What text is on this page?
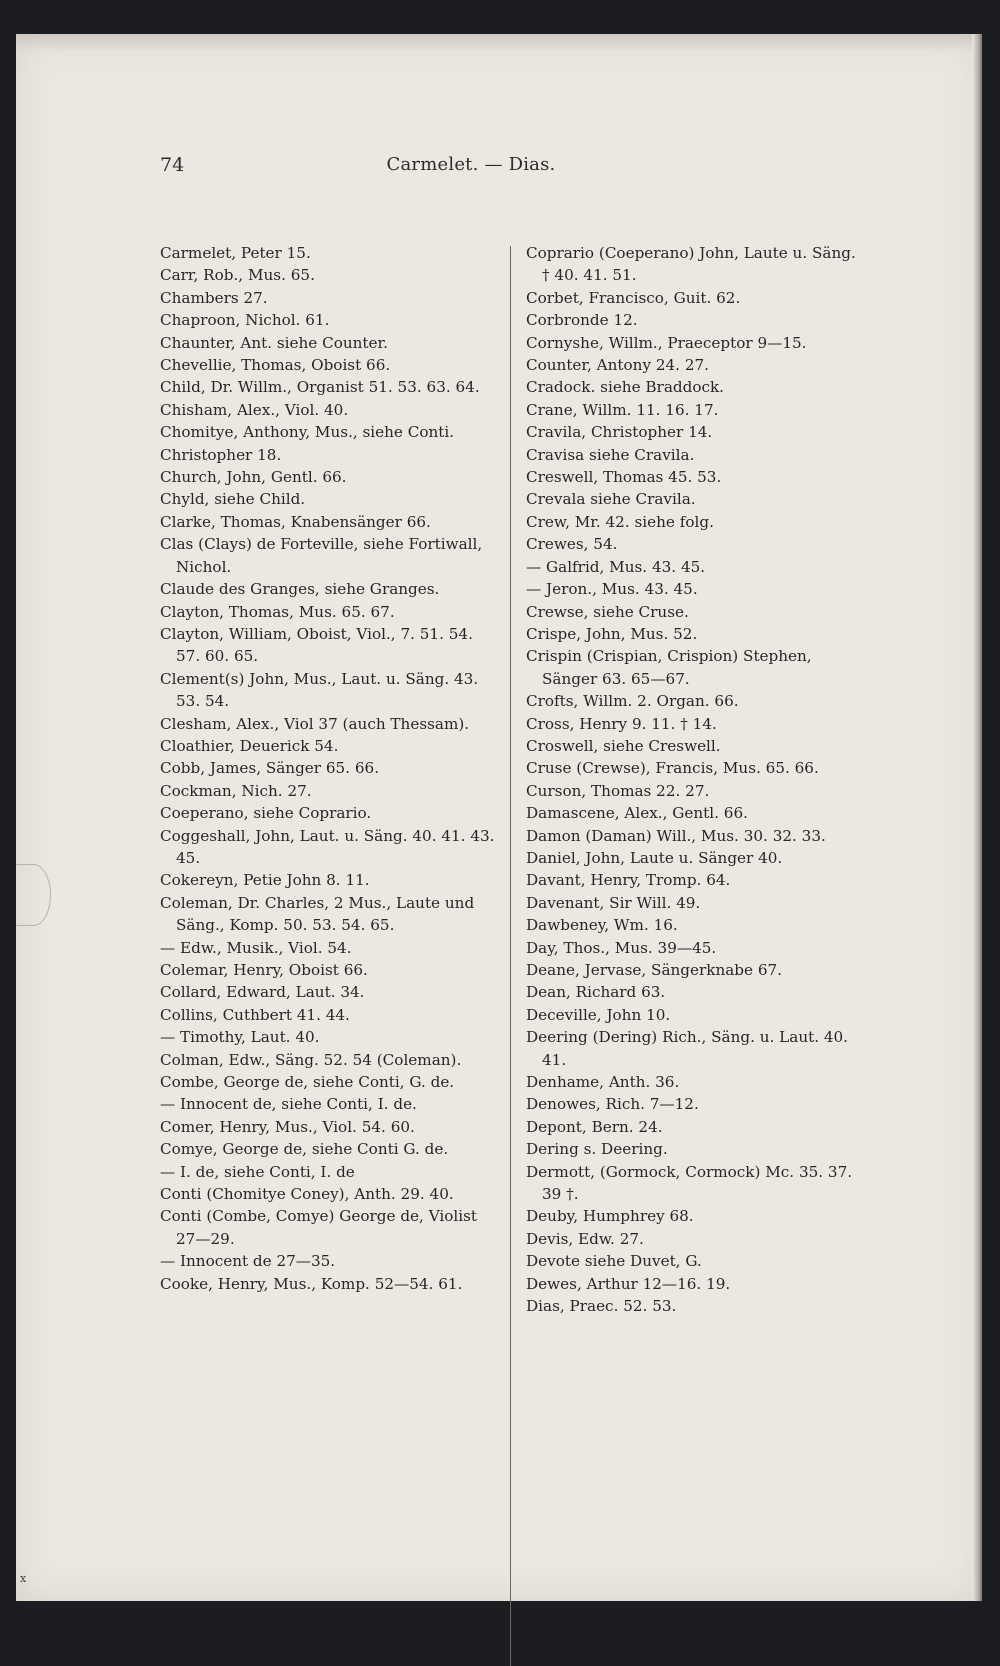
74	Carmelet. — Dias.
Carmelet, Peter 15.
Carr, Rob., Mus. 65.
Chambers 27.
Chaproon, Nichol. 61.
Chaunter, Ant. siehe Counter.
Chevellie, Thomas, Oboist 66.
Child, Dr. Willm., Organist 51. 53. 63. 64.
Chisham, Alex., Viol. 40.
Chomitye, Anthony, Mus., siehe Conti.
Christopher 18.
Church, John, Gentl. 66.
Chyld, siehe Child.
Clarke, Thomas, Knabensänger 66.
Clas (Clays) de Forteville, siehe Fortiwall, Nichol.
Claude des Granges, siehe Granges.
Clayton, Thomas, Mus. 65. 67.
Clayton, William, Oboist, Viol., 7. 51. 54. 57. 60. 65.
Clement(s) John, Mus., Laut. u. Säng. 43. 53. 54.
Clesham, Alex., Viol 37 (auch Thessam).
Cloathier, Deuerick 54.
Cobb, James, Sänger 65. 66.
Cockman, Nich. 27.
Coeperano, siehe Coprario.
Coggeshall, John, Laut. u. Säng. 40. 41. 43. 45.
Cokereyn, Petie John 8. 11.
Coleman, Dr. Charles, 2 Mus., Laute und Säng., Komp. 50. 53. 54. 65.
— Edw., Musik., Viol. 54.
Colemar, Henry, Oboist 66.
Collard, Edward, Laut. 34.
Collins, Cuthbert 41. 44.
— Timothy, Laut. 40.
Colman, Edw., Säng. 52. 54 (Coleman).
Combe, George de, siehe Conti, G. de.
— Innocent de, siehe Conti, I. de.
Comer, Henry, Mus., Viol. 54. 60.
Comye, George de, siehe Conti G. de.
— I. de, siehe Conti, I. de
Conti (Chomitye Coney), Anth. 29. 40.
Conti (Combe, Comye) George de, Violist 27—29.
— Innocent de 27—35.
Cooke, Henry, Mus., Komp. 52—54. 61.
Coprario (Coeperano) John, Laute u. Säng. † 40. 41. 51.
Corbet, Francisco, Guit. 62.
Corbronde 12.
Cornyshe, Willm., Praeceptor 9—15.
Counter, Antony 24. 27.
Cradock. siehe Braddock.
Crane, Willm. 11. 16. 17.
Cravila, Christopher 14.
Cravisa siehe Cravila.
Creswell, Thomas 45. 53.
Crevala siehe Cravila.
Crew, Mr. 42. siehe folg.
Crewes, 54.
— Galfrid, Mus. 43. 45.
— Jeron., Mus. 43. 45.
Crewse, siehe Cruse.
Crispe, John, Mus. 52.
Crispin (Crispian, Crispion) Stephen, Sänger 63. 65—67.
Crofts, Willm. 2. Organ. 66.
Cross, Henry 9. 11. † 14.
Croswell, siehe Creswell.
Cruse (Crewse), Francis, Mus. 65. 66.
Curson, Thomas 22. 27.
Damascene, Alex., Gentl. 66.
Damon (Daman) Will., Mus. 30. 32. 33.
Daniel, John, Laute u. Sänger 40.
Davant, Henry, Tromp. 64.
Davenant, Sir Will. 49.
Dawbeney, Wm. 16.
Day, Thos., Mus. 39—45.
Deane, Jervase, Sängerknabe 67.
Dean, Richard 63.
Deceville, John 10.
Deering (Dering) Rich., Säng. u. Laut. 40. 41.
Denhame, Anth. 36.
Denowes, Rich. 7—12.
Depont, Bern. 24.
Dering s. Deering.
Dermott, (Gormock, Cormock) Mc. 35. 37. 39 †.
Deuby, Humphrey 68.
Devis, Edw. 27.
Devote siehe Duvet, G.
Dewes, Arthur 12—16. 19.
Dias, Praec. 52. 53.
x
